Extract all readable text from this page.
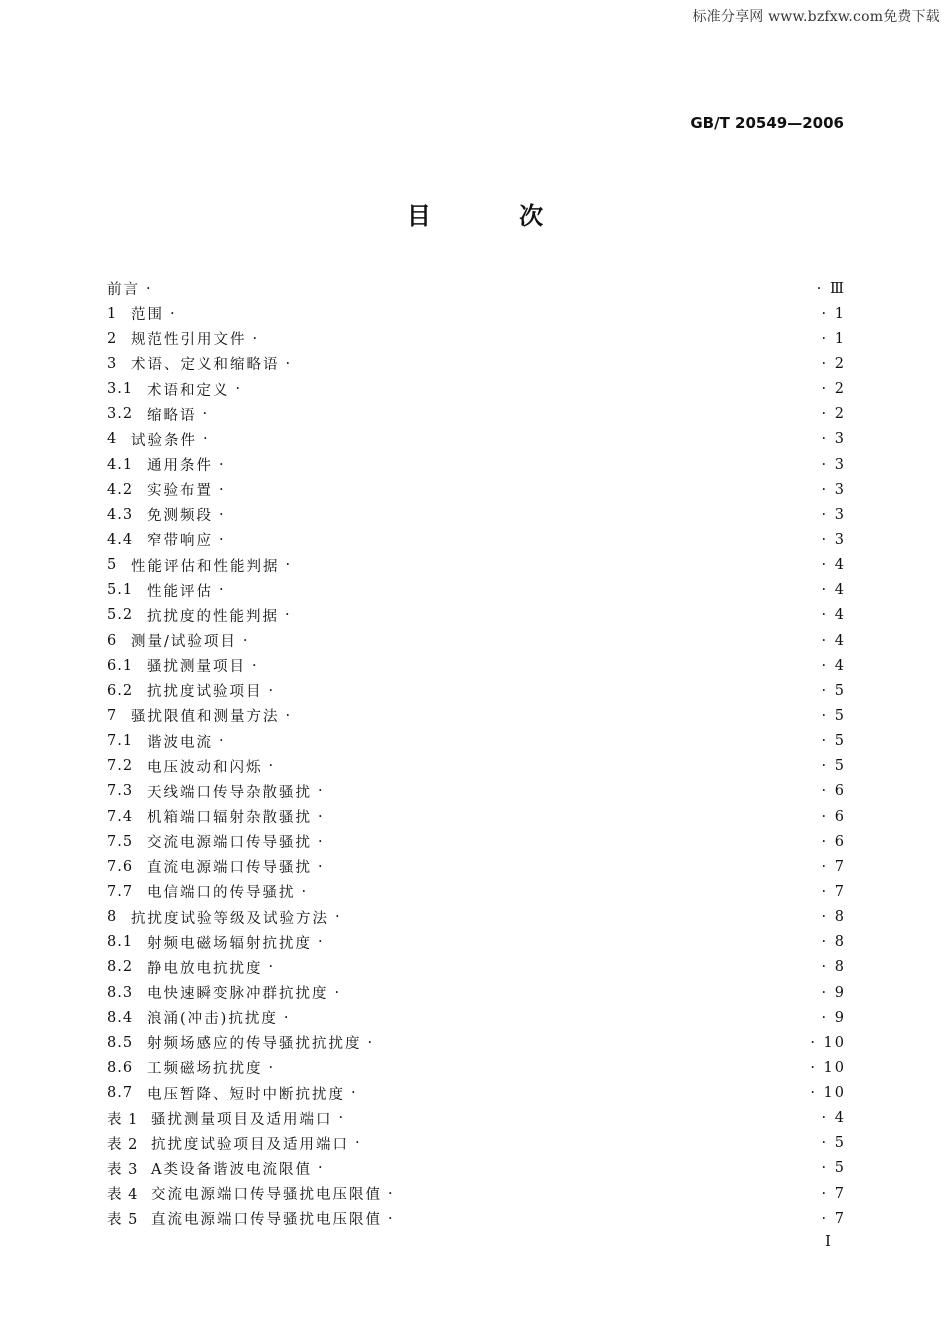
标准分享网 www.bzfxw.com免费下载
GB/T 20549—2006
目 次
前言 ·	· Ⅲ
1 范围 ·	· 1
2 规范性引用文件 ·	· 1
3 术语、定义和缩略语 ·	· 2
3.1 术语和定义 ·	· 2
3.2 缩略语 ·	· 2
4 试验条件 ·	· 3
4.1 通用条件 ·	· 3
4.2 实验布置 ·	· 3
4.3 免测频段 ·	· 3
4.4 窄带响应 ·	· 3
5 性能评估和性能判据 ·	· 4
5.1 性能评估 ·	· 4
5.2 抗扰度的性能判据 ·	· 4
6 测量/试验项目 ·	· 4
6.1 骚扰测量项目 ·	· 4
6.2 抗扰度试验项目 ·	· 5
7 骚扰限值和测量方法 ·	· 5
7.1 谐波电流 ·	· 5
7.2 电压波动和闪烁 ·	· 5
7.3 天线端口传导杂散骚扰 ·	· 6
7.4 机箱端口辐射杂散骚扰 ·	· 6
7.5 交流电源端口传导骚扰 ·	· 6
7.6 直流电源端口传导骚扰 ·	· 7
7.7 电信端口的传导骚扰 ·	· 7
8 抗扰度试验等级及试验方法 ·	· 8
8.1 射频电磁场辐射抗扰度 ·	· 8
8.2 静电放电抗扰度 ·	· 8
8.3 电快速瞬变脉冲群抗扰度 ·	· 9
8.4 浪涌(冲击)抗扰度 ·	· 9
8.5 射频场感应的传导骚扰抗扰度 ·	· 10
8.6 工频磁场抗扰度 ·	· 10
8.7 电压暂降、短时中断抗扰度 ·	· 10
表 1 骚扰测量项目及适用端口 ·	· 4
表 2 抗扰度试验项目及适用端口 ·	· 5
表 3 A类设备谐波电流限值 ·	· 5
表 4 交流电源端口传导骚扰电压限值 ·	· 7
表 5 直流电源端口传导骚扰电压限值 ·	· 7
I
